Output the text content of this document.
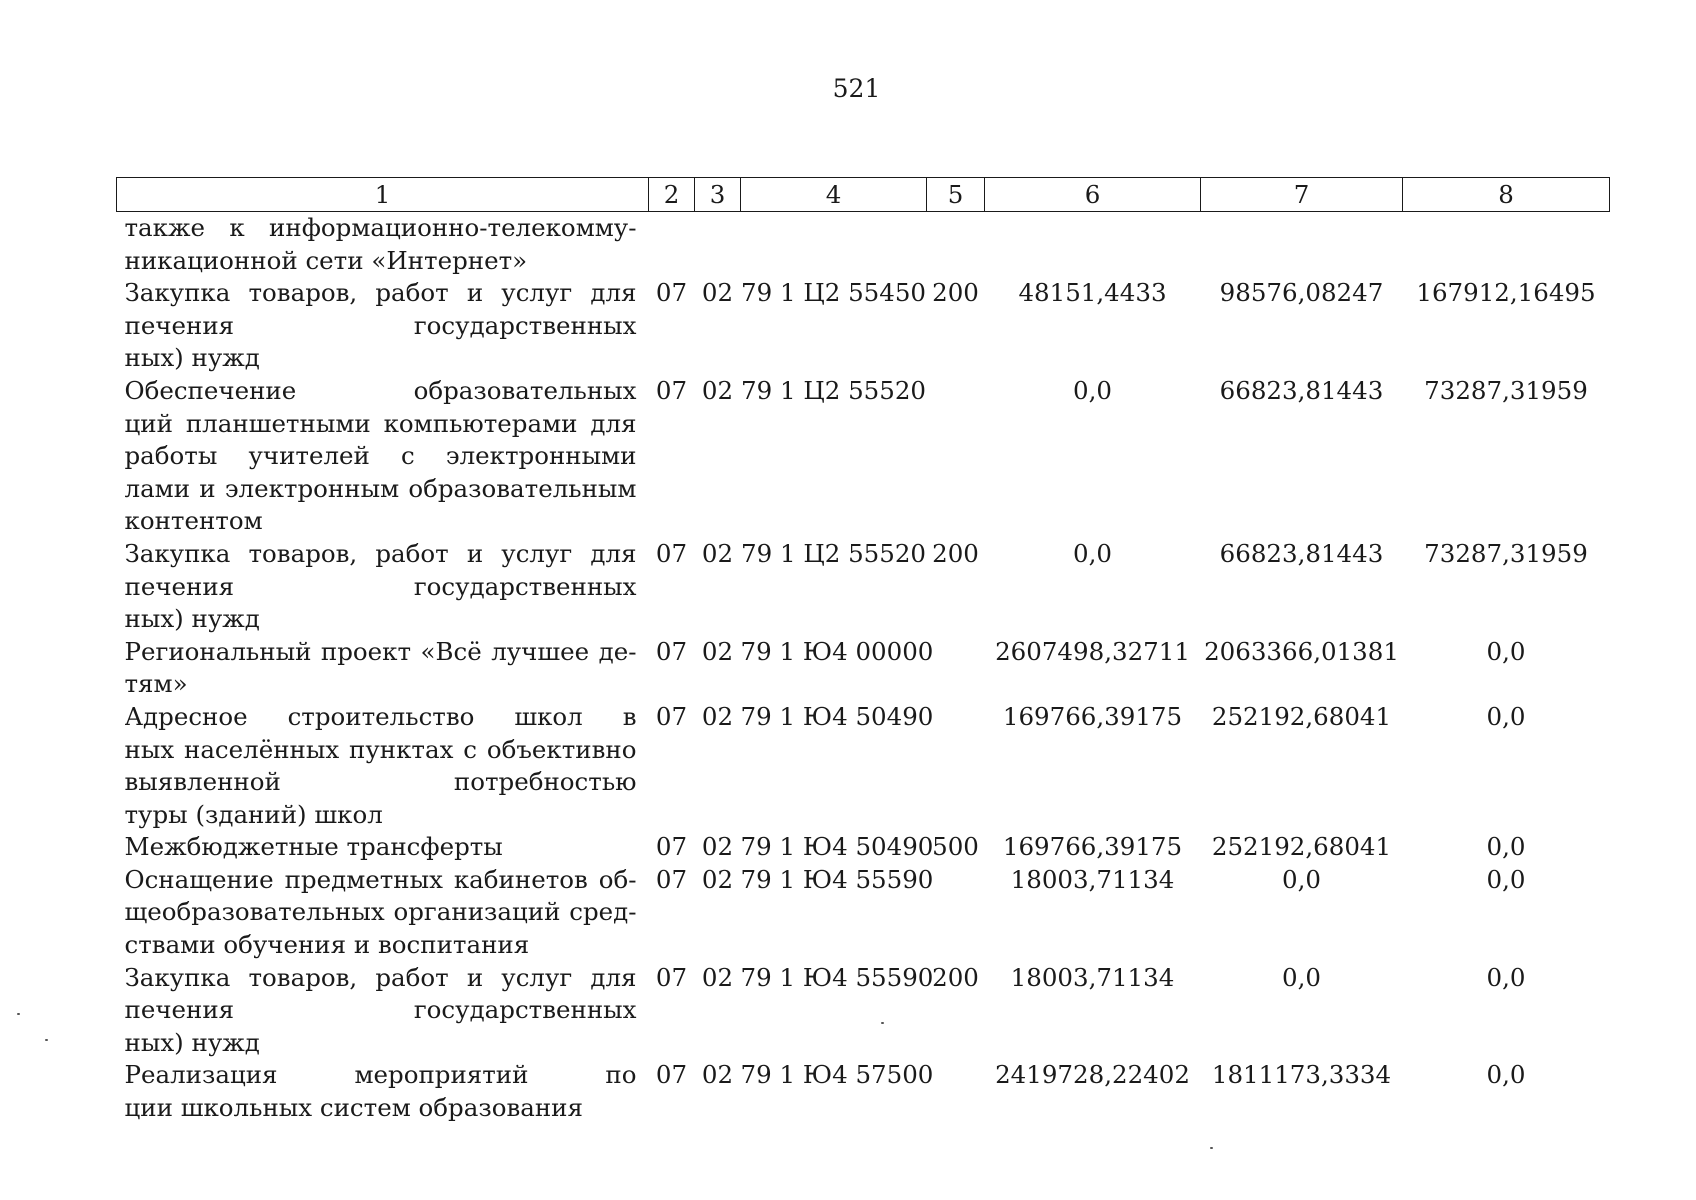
521
1	2	3	4	5	6	7	8

также к информационно-телекомму-
никационной сети «Интернет»							

Закупка товаров, работ и услуг для
печения государственных
ных) нужд	07	02	79 1 Ц2 55450	200	48151,4433	98576,08247	167912,16495

Обеспечение образовательных
ций планшетными компьютерами для
работы учителей с электронными
лами и электронным образовательным
контентом	07	02	79 1 Ц2 55520		0,0	66823,81443	73287,31959

Закупка товаров, работ и услуг для
печения государственных
ных) нужд	07	02	79 1 Ц2 55520	200	0,0	66823,81443	73287,31959

Региональный проект «Всё лучшее де-
тям»	07	02	79 1 Ю4 00000		2607498,32711	2063366,01381	0,0

Адресное строительство школ в
ных населённых пунктах с объективно
выявленной потребностью
туры (зданий) школ	07	02	79 1 Ю4 50490		169766,39175	252192,68041	0,0

Межбюджетные трансферты	07	02	79 1 Ю4 50490	500	169766,39175	252192,68041	0,0

Оснащение предметных кабинетов об-
щеобразовательных организаций сред-
ствами обучения и воспитания	07	02	79 1 Ю4 55590		18003,71134	0,0	0,0

Закупка товаров, работ и услуг для
печения государственных
ных) нужд	07	02	79 1 Ю4 55590	200	18003,71134	0,0	0,0

Реализация мероприятий по
ции школьных систем образования	07	02	79 1 Ю4 57500		2419728,22402	1811173,3334	0,0
